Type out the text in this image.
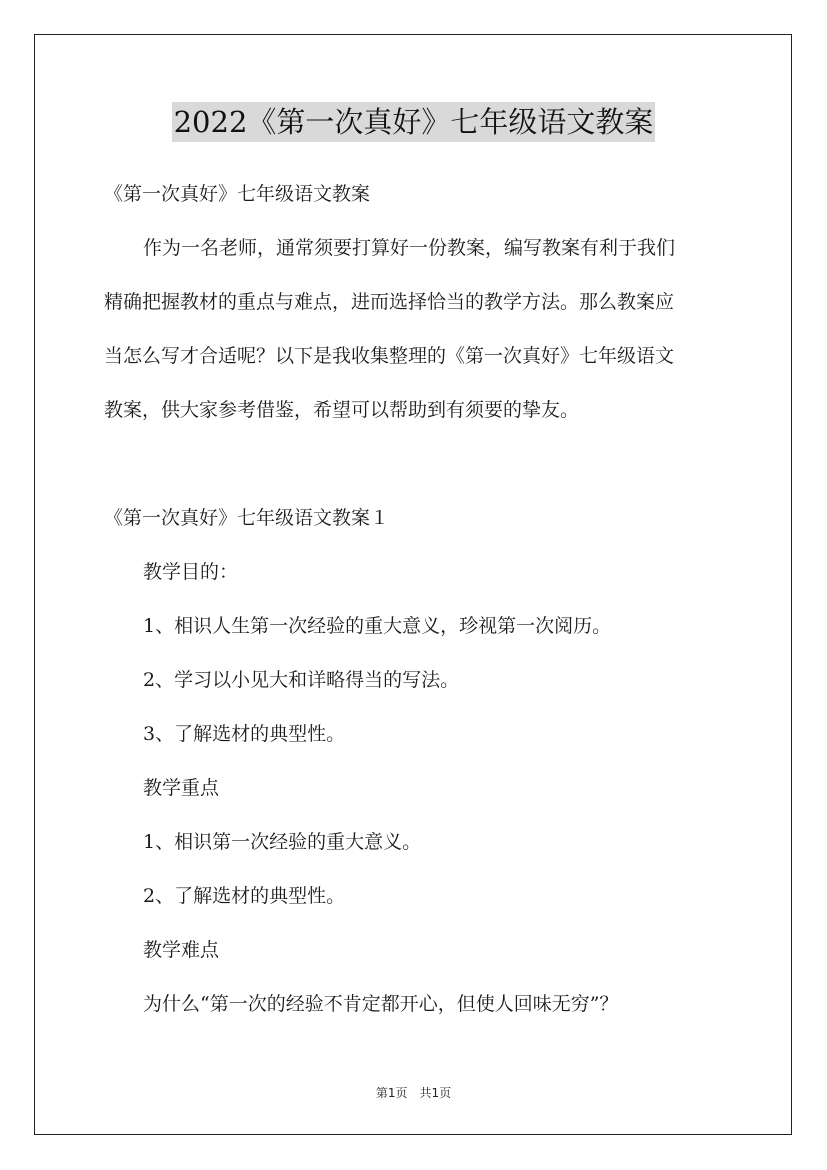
2022《第一次真好》七年级语文教案
《第一次真好》七年级语文教案
作为一名老师，通常须要打算好一份教案，编写教案有利于我们
精确把握教材的重点与难点，进而选择恰当的教学方法。那么教案应
当怎么写才合适呢？以下是我收集整理的《第一次真好》七年级语文
教案，供大家参考借鉴，希望可以帮助到有须要的挚友。
《第一次真好》七年级语文教案１
教学目的：
1、相识人生第一次经验的重大意义，珍视第一次阅历。
2、学习以小见大和详略得当的写法。
3、了解选材的典型性。
教学重点
1、相识第一次经验的重大意义。
2、了解选材的典型性。
教学难点
为什么“第一次的经验不肯定都开心，但使人回味无穷”？
第1页　共1页
